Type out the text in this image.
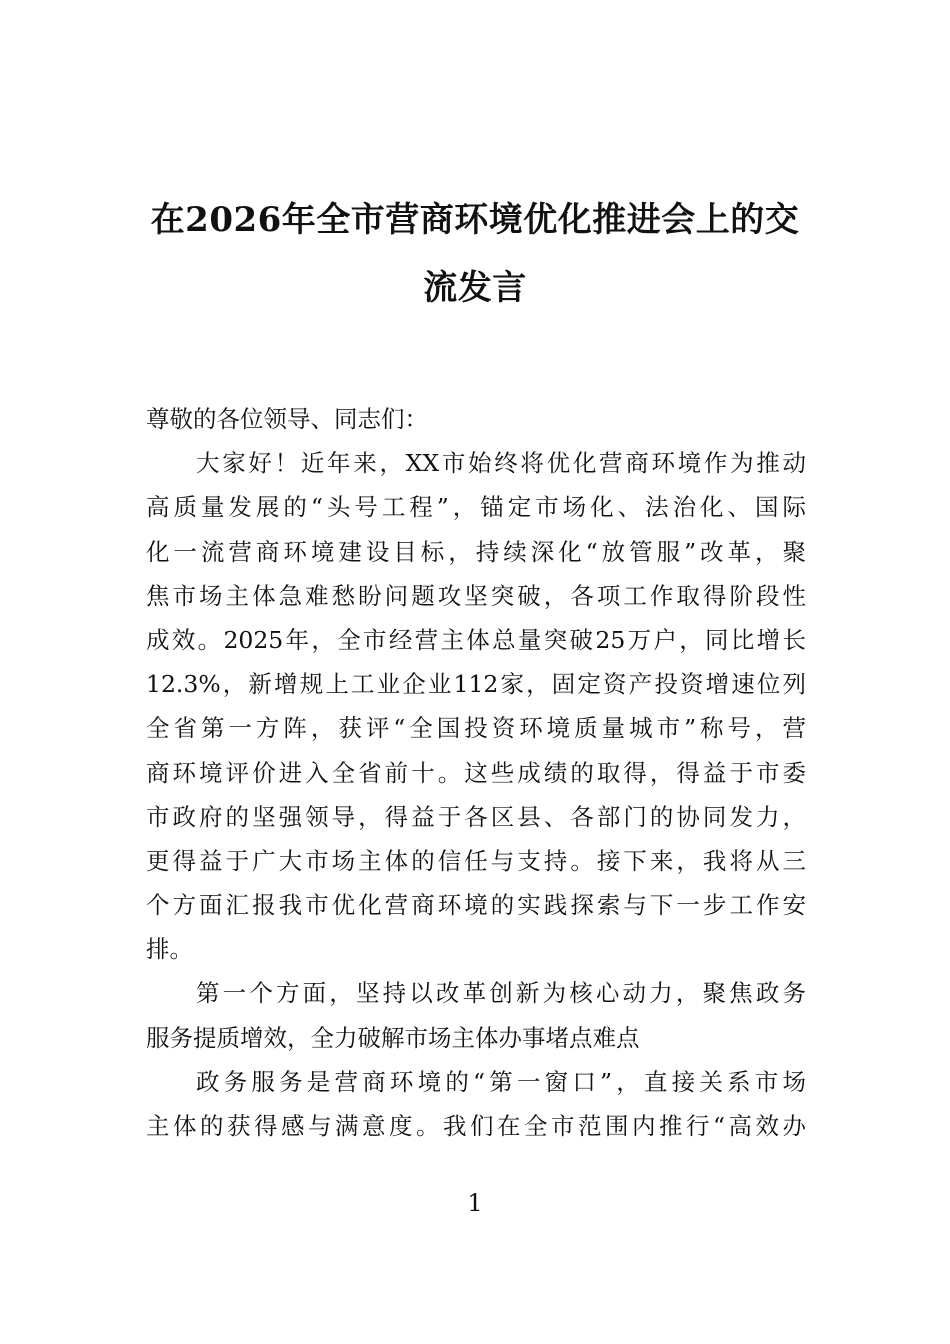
在2026年全市营商环境优化推进会上的交
流发言
尊敬的各位领导、同志们：
大家好！近年来，XX市始终将优化营商环境作为推动
高质量发展的“头号工程”，锚定市场化、法治化、国际
化一流营商环境建设目标，持续深化“放管服”改革，聚
焦市场主体急难愁盼问题攻坚突破，各项工作取得阶段性
成效。2025年，全市经营主体总量突破25万户，同比增长
12.3%，新增规上工业企业112家，固定资产投资增速位列
全省第一方阵，获评“全国投资环境质量城市”称号，营
商环境评价进入全省前十。这些成绩的取得，得益于市委
市政府的坚强领导，得益于各区县、各部门的协同发力，
更得益于广大市场主体的信任与支持。接下来，我将从三
个方面汇报我市优化营商环境的实践探索与下一步工作安
排。
第一个方面，坚持以改革创新为核心动力，聚焦政务
服务提质增效，全力破解市场主体办事堵点难点
政务服务是营商环境的“第一窗口”，直接关系市场
主体的获得感与满意度。我们在全市范围内推行“高效办
1
